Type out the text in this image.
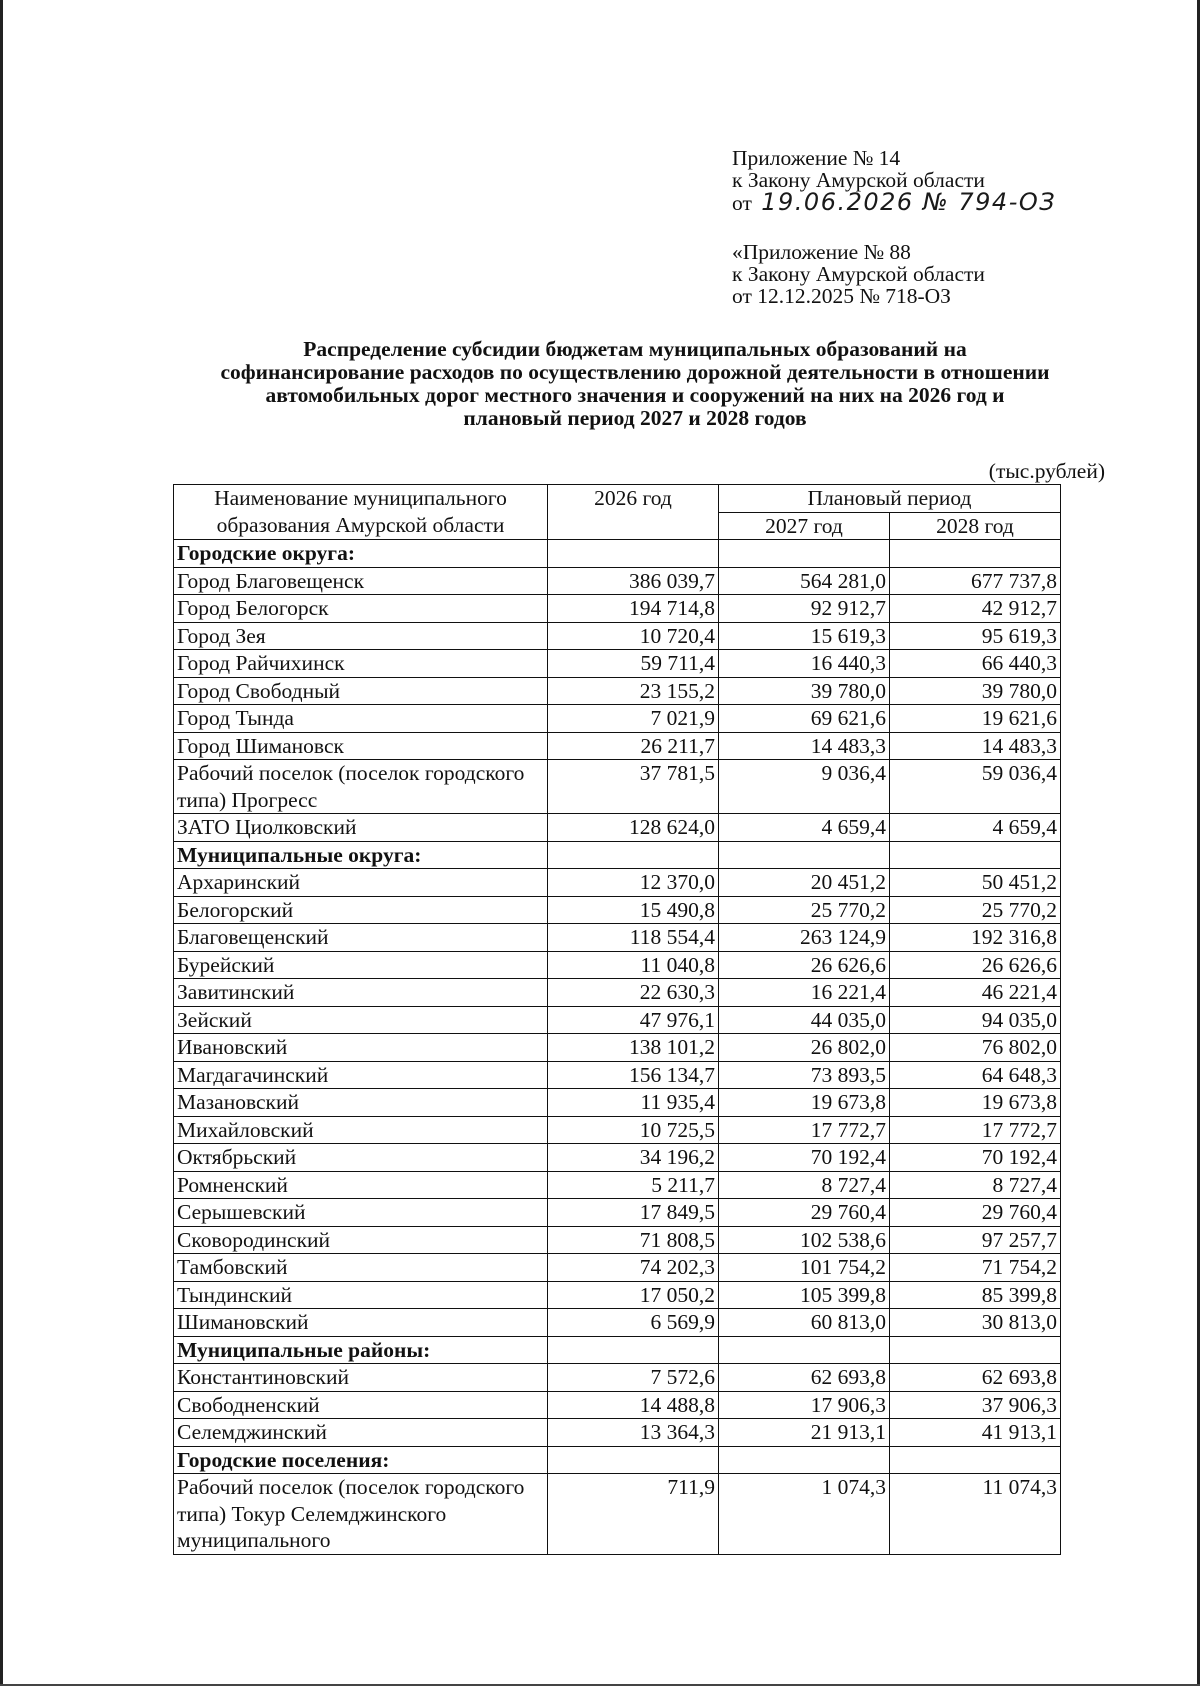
Приложение № 14
к Закону Амурской области
от 19.06.2026 № 794-ОЗ
«Приложение № 88
к Закону Амурской области
от 12.12.2025 № 718-ОЗ
Распределение субсидии бюджетам муниципальных образований на
софинансирование расходов по осуществлению дорожной деятельности в отношении
автомобильных дорог местного значения и сооружений на них на 2026 год и
плановый период 2027 и 2028 годов
(тыс.рублей)
Наименование муниципального образования Амурской области	2026 год	Плановый период	
		2027 год	2028 год
Городские округа:			
Город Благовещенск	386 039,7	564 281,0	677 737,8
Город Белогорск	194 714,8	92 912,7	42 912,7
Город Зея	10 720,4	15 619,3	95 619,3
Город Райчихинск	59 711,4	16 440,3	66 440,3
Город Свободный	23 155,2	39 780,0	39 780,0
Город Тында	7 021,9	69 621,6	19 621,6
Город Шимановск	26 211,7	14 483,3	14 483,3
Рабочий поселок (поселок городского типа) Прогресс	37 781,5	9 036,4	59 036,4
ЗАТО Циолковский	128 624,0	4 659,4	4 659,4
Муниципальные округа:			
Архаринский	12 370,0	20 451,2	50 451,2
Белогорский	15 490,8	25 770,2	25 770,2
Благовещенский	118 554,4	263 124,9	192 316,8
Бурейский	11 040,8	26 626,6	26 626,6
Завитинский	22 630,3	16 221,4	46 221,4
Зейский	47 976,1	44 035,0	94 035,0
Ивановский	138 101,2	26 802,0	76 802,0
Магдагачинский	156 134,7	73 893,5	64 648,3
Мазановский	11 935,4	19 673,8	19 673,8
Михайловский	10 725,5	17 772,7	17 772,7
Октябрьский	34 196,2	70 192,4	70 192,4
Ромненский	5 211,7	8 727,4	8 727,4
Серышевский	17 849,5	29 760,4	29 760,4
Сковородинский	71 808,5	102 538,6	97 257,7
Тамбовский	74 202,3	101 754,2	71 754,2
Тындинский	17 050,2	105 399,8	85 399,8
Шимановский	6 569,9	60 813,0	30 813,0
Муниципальные районы:			
Константиновский	7 572,6	62 693,8	62 693,8
Свободненский	14 488,8	17 906,3	37 906,3
Селемджинский	13 364,3	21 913,1	41 913,1
Городские поселения:			
Рабочий поселок (поселок городского типа) Токур Селемджинского муниципального	711,9	1 074,3	11 074,3
